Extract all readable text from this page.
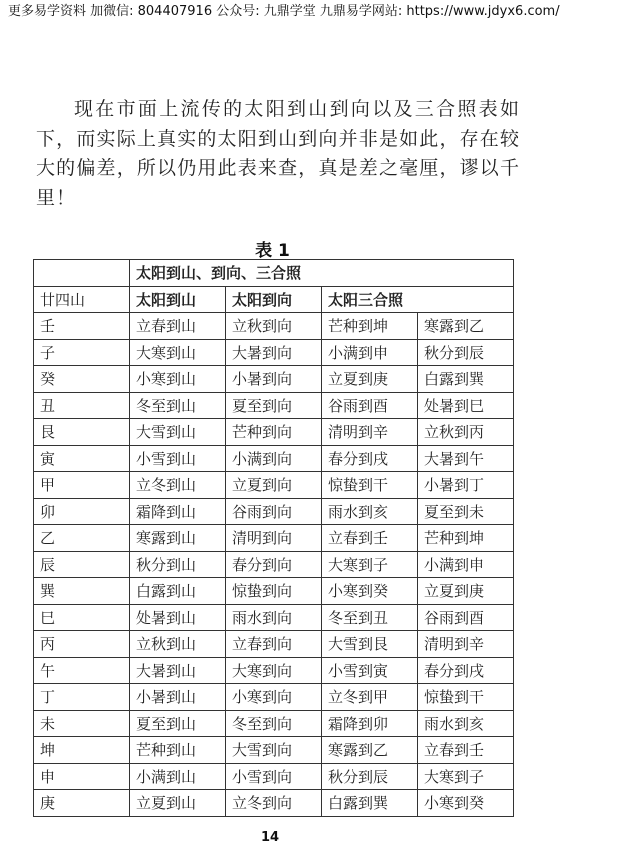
更多易学资料 加微信: 804407916 公众号: 九鼎学堂 九鼎易学网站: https://www.jdyx6.com/
现在市面上流传的太阳到山到向以及三合照表如下，而实际上真实的太阳到山到向并非是如此，存在较大的偏差，所以仍用此表来查，真是差之毫厘，谬以千里！
表 1
	太阳到山、到向、三合照			
廿四山	太阳到山	太阳到向	太阳三合照	
壬	立春到山	立秋到向	芒种到坤	寒露到乙
子	大寒到山	大暑到向	小满到申	秋分到辰
癸	小寒到山	小暑到向	立夏到庚	白露到巽
丑	冬至到山	夏至到向	谷雨到酉	处暑到巳
艮	大雪到山	芒种到向	清明到辛	立秋到丙
寅	小雪到山	小满到向	春分到戌	大暑到午
甲	立冬到山	立夏到向	惊蛰到干	小暑到丁
卯	霜降到山	谷雨到向	雨水到亥	夏至到未
乙	寒露到山	清明到向	立春到壬	芒种到坤
辰	秋分到山	春分到向	大寒到子	小满到申
巽	白露到山	惊蛰到向	小寒到癸	立夏到庚
巳	处暑到山	雨水到向	冬至到丑	谷雨到酉
丙	立秋到山	立春到向	大雪到艮	清明到辛
午	大暑到山	大寒到向	小雪到寅	春分到戌
丁	小暑到山	小寒到向	立冬到甲	惊蛰到干
未	夏至到山	冬至到向	霜降到卯	雨水到亥
坤	芒种到山	大雪到向	寒露到乙	立春到壬
申	小满到山	小雪到向	秋分到辰	大寒到子
庚	立夏到山	立冬到向	白露到巽	小寒到癸
14
